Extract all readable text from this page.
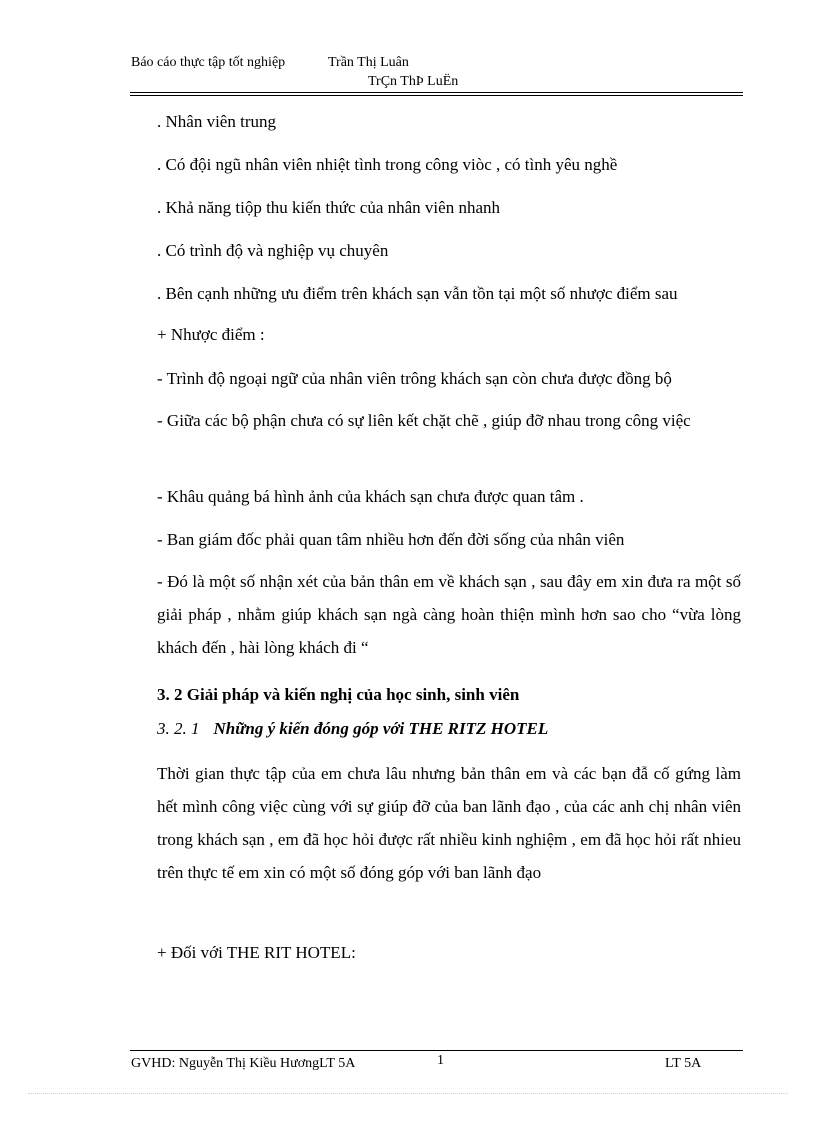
Báo cáo thực tập tốt nghiệp	Trần Thị Luân
TrÇn ThÞ LuËn
. Nhân viên trung
. Có đội ngũ nhân viên nhiệt tình trong công viòc , có tình yêu nghề
. Khả năng tiộp thu kiến thức của nhân viên nhanh
. Có trình độ và nghiệp vụ chuyên
. Bên cạnh những ưu điểm trên khách sạn vẫn tồn tại một số nhược điểm sau
+ Nhược điểm :
- Trình độ ngoại ngữ của nhân viên trông khách sạn còn chưa được đồng bộ
- Giữa các bộ phận chưa có sự liên kết chặt chẽ , giúp đỡ nhau trong công việc
- Khâu quảng bá hình ảnh của khách sạn chưa được quan tâm .
- Ban giám đốc phải quan tâm nhiều hơn đến đời sống của nhân viên
- Đó là một số nhận xét của bản thân em về khách sạn , sau đây em xin đưa ra một số giải pháp , nhằm giúp khách sạn ngà càng hoàn thiện mình hơn sao cho “vừa lòng khách đến , hài lòng khách đi “
3. 2 Giải pháp và kiến nghị của học sinh, sinh viên
3. 2. 1 Những ý kiến đóng góp với THE RITZ HOTEL
Thời gian thực tập của em chưa lâu nhưng bản thân em và các bạn đẫ cố gứng làm hết mình công việc cùng với sự giúp đỡ của ban lãnh đạo , của các anh chị nhân viên trong khách sạn , em đã học hỏi được rất nhiều kinh nghiệm , em đã học hỏi rất nhieu trên thực tế em xin có một số đóng góp với ban lãnh đạo
+ Đối với THE RIT HOTEL:
GVHD: Nguyễn Thị Kiều HươngLT 5A	1	LT 5A
